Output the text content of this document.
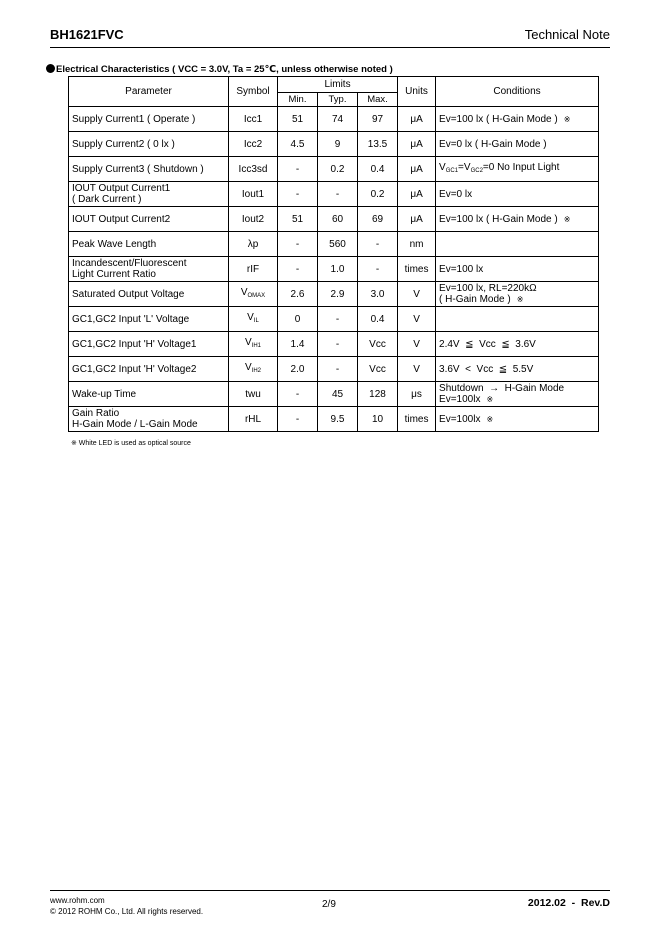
BH1621FVC	Technical Note
Electrical Characteristics ( VCC = 3.0V, Ta = 25℃, unless otherwise noted )
Parameter	Symbol	Limits			Units	Conditions
		Min.	Typ.	Max.		
Supply Current1 ( Operate )	Icc1	51	74	97	μA	Ev=100 lx ( H-Gain Mode ) ※
Supply Current2 ( 0 lx )	Icc2	4.5	9	13.5	μA	Ev=0 lx ( H-Gain Mode )
Supply Current3 ( Shutdown )	Icc3sd	-	0.2	0.4	μA	$V_{GC1}=V_{GC2}=0$ No Input Light
IOUT Output Current1
( Dark Current )	Iout1	-	-	0.2	μA	Ev=0 lx
IOUT Output Current2	Iout2	51	60	69	μA	Ev=100 lx ( H-Gain Mode ) ※
Peak Wave Length	λp	-	560	-	nm	
Incandescent/Fluorescent
Light Current Ratio	rIF	-	1.0	-	times	Ev=100 lx
Saturated Output Voltage	$V_{OMAX}$	2.6	2.9	3.0	V	Ev=100 lx, RL=220kΩ
( H-Gain Mode ) ※
GC1,GC2 Input 'L' Voltage	$V_{IL}$	0	-	0.4	V	
GC1,GC2 Input 'H' Voltage1	$V_{IH1}$	1.4	-	Vcc	V	2.4V  ≦  Vcc  ≦  3.6V
GC1,GC2 Input 'H' Voltage2	$V_{IH2}$	2.0	-	Vcc	V	3.6V  <  Vcc  ≦  5.5V
Wake-up Time	twu	-	45	128	μs	Shutdown  →  H-Gain Mode
Ev=100lx ※
Gain Ratio
H-Gain Mode / L-Gain Mode	rHL	-	9.5	10	times	Ev=100lx ※
※ White LED is used as optical source
www.rohm.com
© 2012 ROHM Co., Ltd. All rights reserved.
2/9	2012.02  -  Rev.D
